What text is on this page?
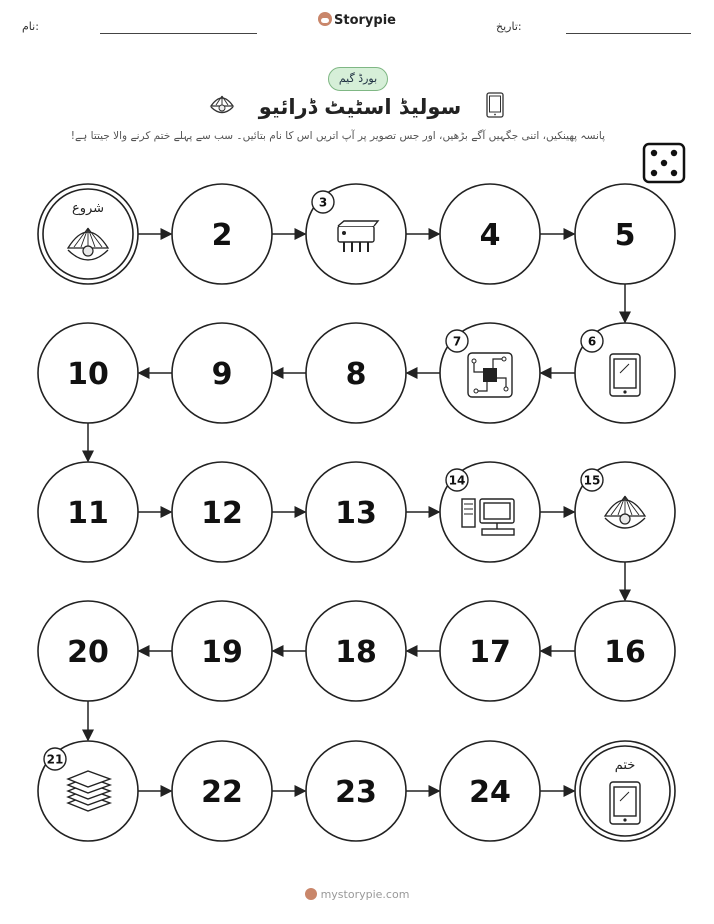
نام:	Storypie	تاریخ:
بورڈ گیم
سولیڈ اسٹیٹ ڈرائیو
پانسہ پھینکیں، اتنی جگہیں آگے بڑھیں، اور جس تصویر پر آپ اتریں اس کا نام بتائیں۔ سب سے پہلے ختم کرنے والا جیتتا ہے!
شروع
2
3
4	5
6
7
8
9
10
11	12	13
14	15
16
17
18
19
20
21
22	23	24
ختم
mystorypie.com
